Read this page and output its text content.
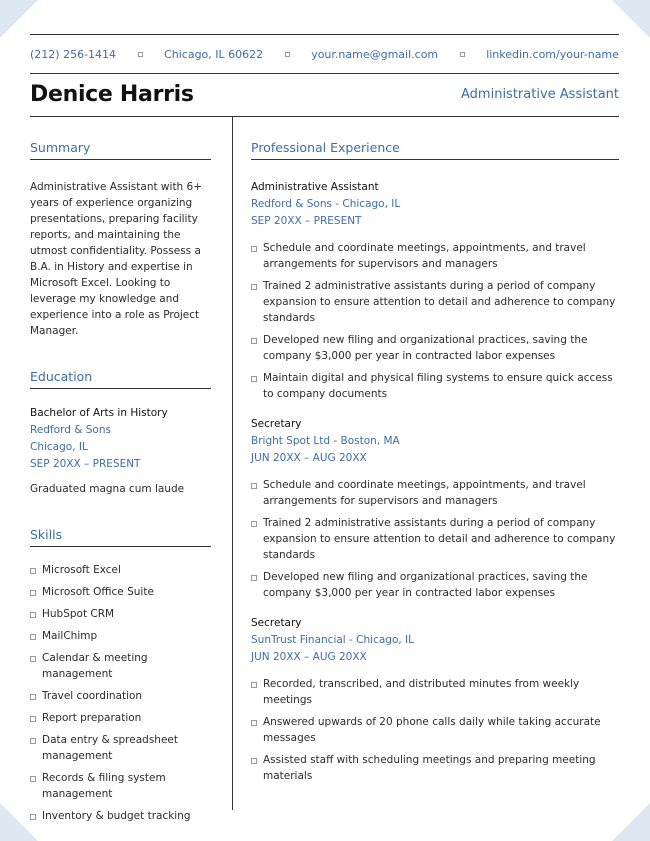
(212) 256-1414	Chicago, IL 60622	your.name@gmail.com	linkedin.com/your-name
Denice Harris	Administrative Assistant
Summary

Administrative Assistant with 6+ years of experience organizing presentations, preparing facility reports, and maintaining the utmost confidentiality. Possess a B.A. in History and expertise in Microsoft Excel. Looking to leverage my knowledge and experience into a role as Project Manager.

Education
Bachelor of Arts in History
Redford & Sons
Chicago, IL
SEP 20XX – PRESENT
Graduated magna cum laude
Skills
Microsoft Excel
Microsoft Office Suite
HubSpot CRM
MailChimp
Calendar & meeting management
Travel coordination
Report preparation
Data entry & spreadsheet management
Records & filing system management
Inventory & budget tracking
Professional Experience
Administrative Assistant
Redford & Sons - Chicago, IL
SEP 20XX – PRESENT
Schedule and coordinate meetings, appointments, and travel arrangements for supervisors and managers
Trained 2 administrative assistants during a period of company expansion to ensure attention to detail and adherence to company standards
Developed new filing and organizational practices, saving the company $3,000 per year in contracted labor expenses
Maintain digital and physical filing systems to ensure quick access to company documents
Secretary
Bright Spot Ltd - Boston, MA
JUN 20XX – AUG 20XX
Schedule and coordinate meetings, appointments, and travel arrangements for supervisors and managers
Trained 2 administrative assistants during a period of company expansion to ensure attention to detail and adherence to company standards
Developed new filing and organizational practices, saving the company $3,000 per year in contracted labor expenses
Secretary
SunTrust Financial - Chicago, IL
JUN 20XX – AUG 20XX
Recorded, transcribed, and distributed minutes from weekly meetings
Answered upwards of 20 phone calls daily while taking accurate messages
Assisted staff with scheduling meetings and preparing meeting materials
